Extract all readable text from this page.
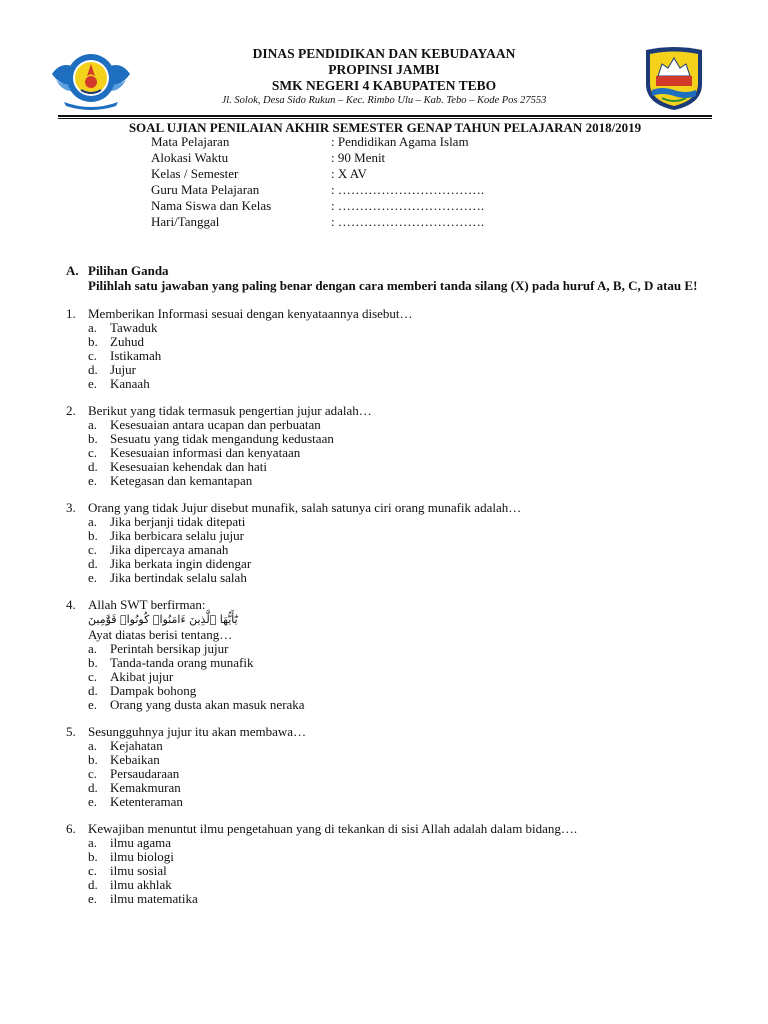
DINAS PENDIDIKAN DAN KEBUDAYAAN
PROPINSI JAMBI
SMK NEGERI 4 KABUPATEN TEBO
Jl. Solok, Desa Sido Rukun – Kec. Rimbo Ulu – Kab. Tebo – Kode Pos 27553
SOAL UJIAN PENILAIAN AKHIR SEMESTER GENAP TAHUN PELAJARAN 2018/2019
Mata Pelajaran	: Pendidikan Agama Islam
Alokasi Waktu	: 90 Menit
Kelas / Semester	: X AV
Guru Mata Pelajaran	: …………………………….
Nama Siswa dan Kelas	: …………………………….
Hari/Tanggal	: …………………………….
A. Pilihan Ganda
Pilihlah satu jawaban yang paling benar dengan cara memberi tanda silang (X) pada huruf A, B, C, D atau E!
1. Memberikan Informasi sesuai dengan kenyataannya disebut…
a. Tawaduk
b. Zuhud
c. Istikamah
d. Jujur
e. Kanaah
2. Berikut yang tidak termasuk pengertian jujur adalah…
a. Kesesuaian antara ucapan dan perbuatan
b. Sesuatu yang tidak mengandung kedustaan
c. Kesesuaian informasi dan kenyataan
d. Kesesuaian kehendak dan hati
e. Ketegasan dan kemantapan
3. Orang yang tidak Jujur disebut munafik, salah satunya ciri orang munafik adalah…
a. Jika berjanji tidak ditepati
b. Jika berbicara selalu jujur
c. Jika dipercaya amanah
d. Jika berkata ingin didengar
e. Jika bertindak selalu salah
4. Allah SWT berfirman:
يَٰٓأَيُّهَا ٱلَّذِينَ ءَامَنُوا۟ كُونُوا۟ قَوَّٰمِينَ
Ayat diatas berisi tentang…
a. Perintah bersikap jujur
b. Tanda-tanda orang munafik
c. Akibat jujur
d. Dampak bohong
e. Orang yang dusta akan masuk neraka
5. Sesungguhnya jujur itu akan membawa…
a. Kejahatan
b. Kebaikan
c. Persaudaraan
d. Kemakmuran
e. Ketenteraman
6. Kewajiban menuntut ilmu pengetahuan yang di tekankan di sisi Allah adalah dalam bidang….
a. ilmu agama
b. ilmu biologi
c. ilmu sosial
d. ilmu akhlak
e. ilmu matematika
